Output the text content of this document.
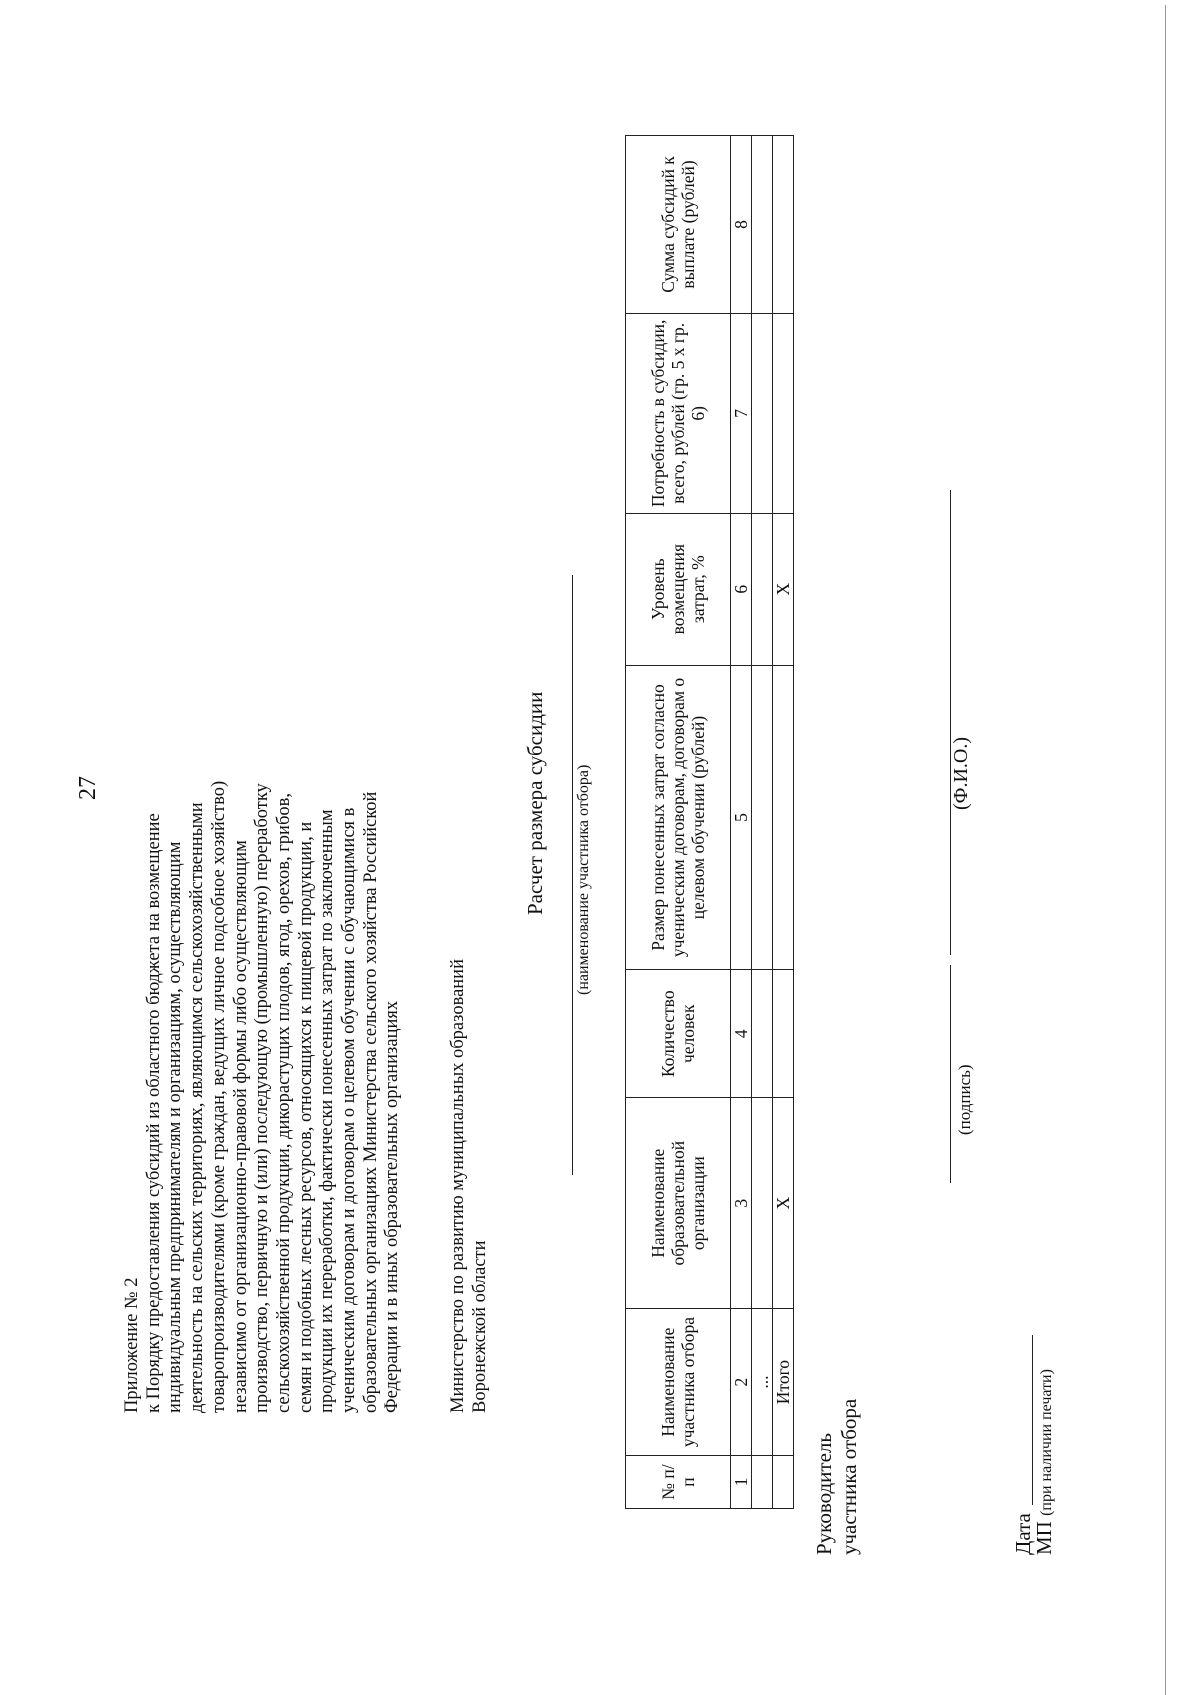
27
Приложение № 2 к Порядку предоставления субсидий из областного бюджета на возмещение индивидуальным предпринимателям и организациям, осуществляющим деятельность на сельских территориях, являющимся сельскохозяйственными товаропроизводителями (кроме граждан, ведущих личное подсобное хозяйство) независимо от организационно-правовой формы либо осуществляющим производство, первичную и (или) последующую (промышленную) переработку сельскохозяйственной продукции, дикорастущих плодов, ягод, орехов, грибов, семян и подобных лесных ресурсов, относящихся к пищевой продукции, и продукции их переработки, фактически понесенных затрат по заключенным ученическим договорам и договорам о целевом обучении с обучающимися в образовательных организациях Министерства сельского хозяйства Российской Федерации и в иных образовательных организациях Министерство по развитию муниципальных образований Воронежской области
Расчет размера субсидии (наименование участника отбора)
№ п/п	Наименование участника отбора	Наименование образовательной организации	Количество человек	Размер понесенных затрат согласно ученическим договорам, договорам о целевом обучении (рублей)	Уровень возмещения затрат, %	Потребность в субсидии, всего, рублей (гр. 5 х гр. 6)	Сумма субсидий к выплате (рублей)
1	2	3	4	5	6	7	8
	...						
	Итого	Х			Х		
Руководитель участника отбора
(подпись)
(Ф.И.О.)
Дата
МП (при наличии печати)
